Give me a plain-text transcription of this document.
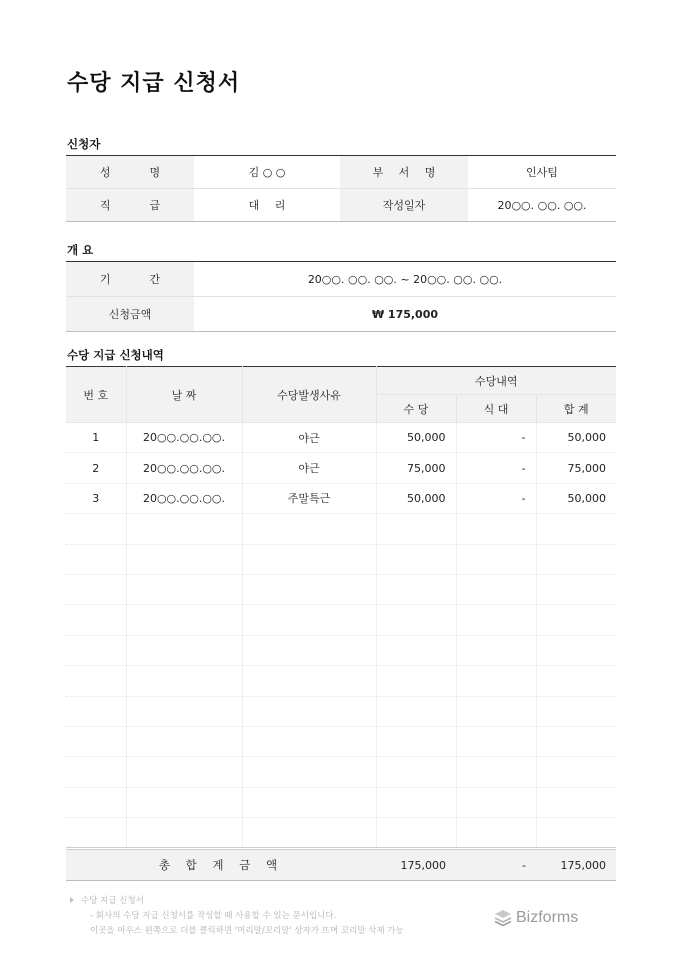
수당 지급 신청서
신청자
성　명	김 ○ ○	부 서 명	인사팀
직　급	대 리	작성일자	20○○. ○○. ○○.
개 요
기　간	20○○. ○○. ○○. ~ 20○○. ○○. ○○.
신청금액	₩ 175,000
수당 지급 신청내역
번 호	날 짜	수당발생사유	수당내역		
			수 당	식 대	합 계
1	20○○.○○.○○.	야근	50,000	-	50,000
2	20○○.○○.○○.	야근	75,000	-	75,000
3	20○○.○○.○○.	주말특근	50,000	-	50,000

총 합 계 금 액			175,000	-	175,000
수당 지급 신청서
- 회사의 수당 지급 신청서를 작성할 때 사용할 수 있는 문서입니다.
이곳을 마우스 왼쪽으로 더블 클릭하면 '머리말/꼬리말' 상자가 뜨며 꼬리말 삭제 가능
Bizforms
